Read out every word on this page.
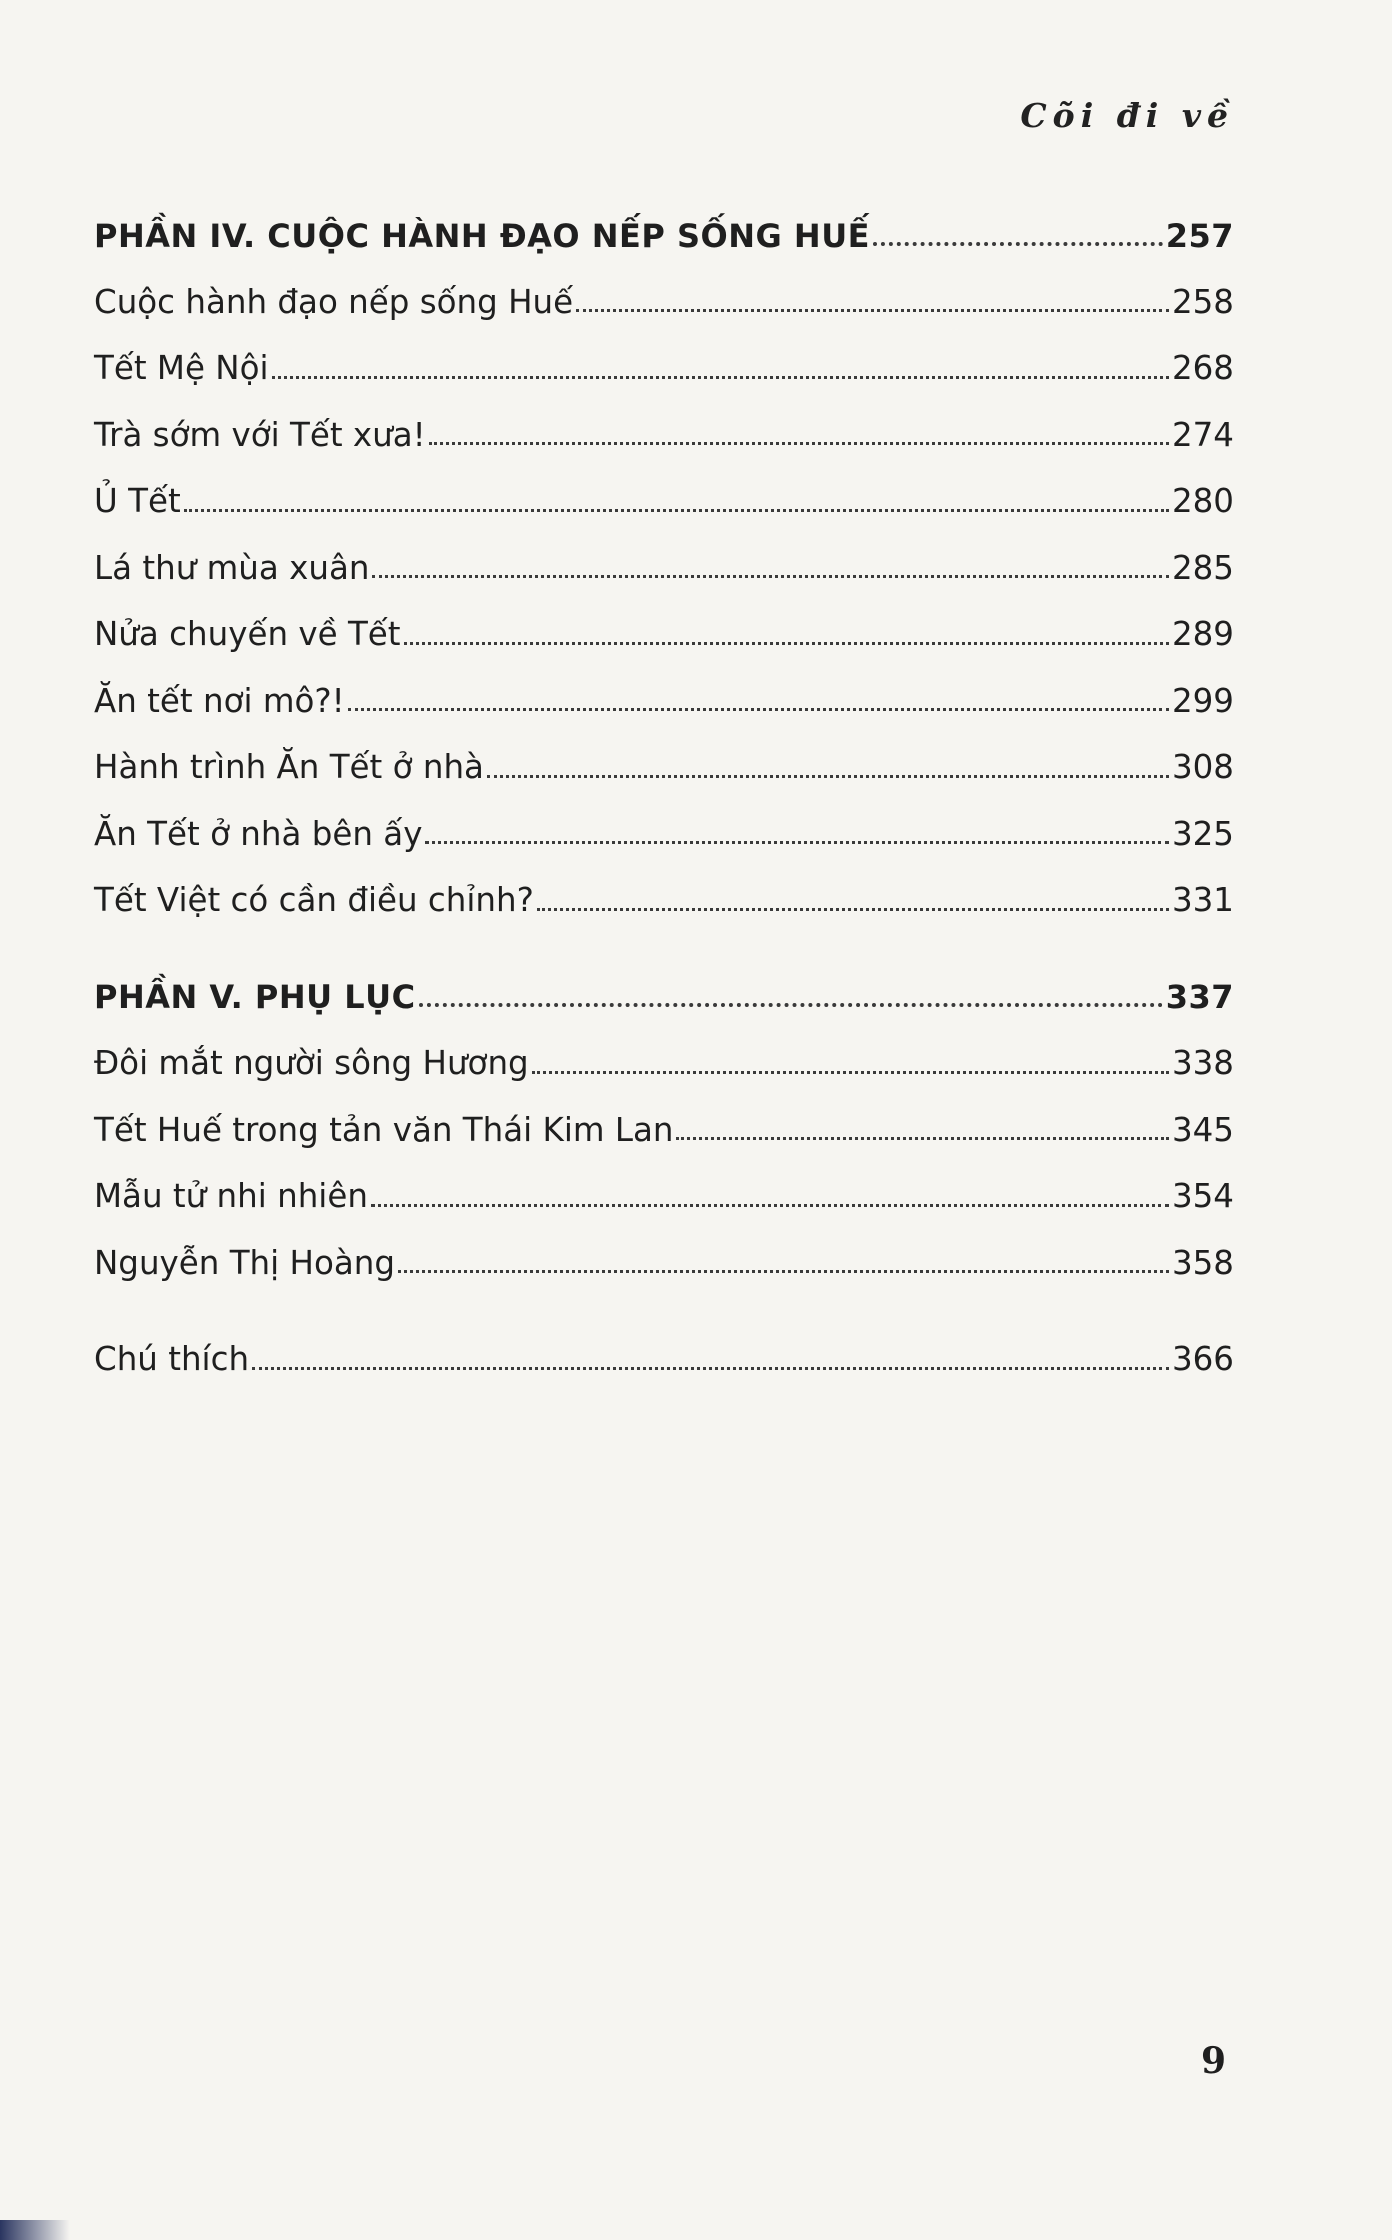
Cõi đi về
PHẦN IV. CUỘC HÀNH ĐẠO NẾP SỐNG HUẾ	257
Cuộc hành đạo nếp sống Huế	258
Tết Mệ Nội	268
Trà sớm với Tết xưa!	274
Ủ Tết	280
Lá thư mùa xuân	285
Nửa chuyến về Tết	289
Ăn tết nơi mô?!	299
Hành trình Ăn Tết ở nhà	308
Ăn Tết ở nhà bên ấy	325
Tết Việt có cần điều chỉnh?	331
PHẦN V. PHỤ LỤC	337
Đôi mắt người sông Hương	338
Tết Huế trong tản văn Thái Kim Lan	345
Mẫu tử nhi nhiên	354
Nguyễn Thị Hoàng	358
Chú thích	366
9
